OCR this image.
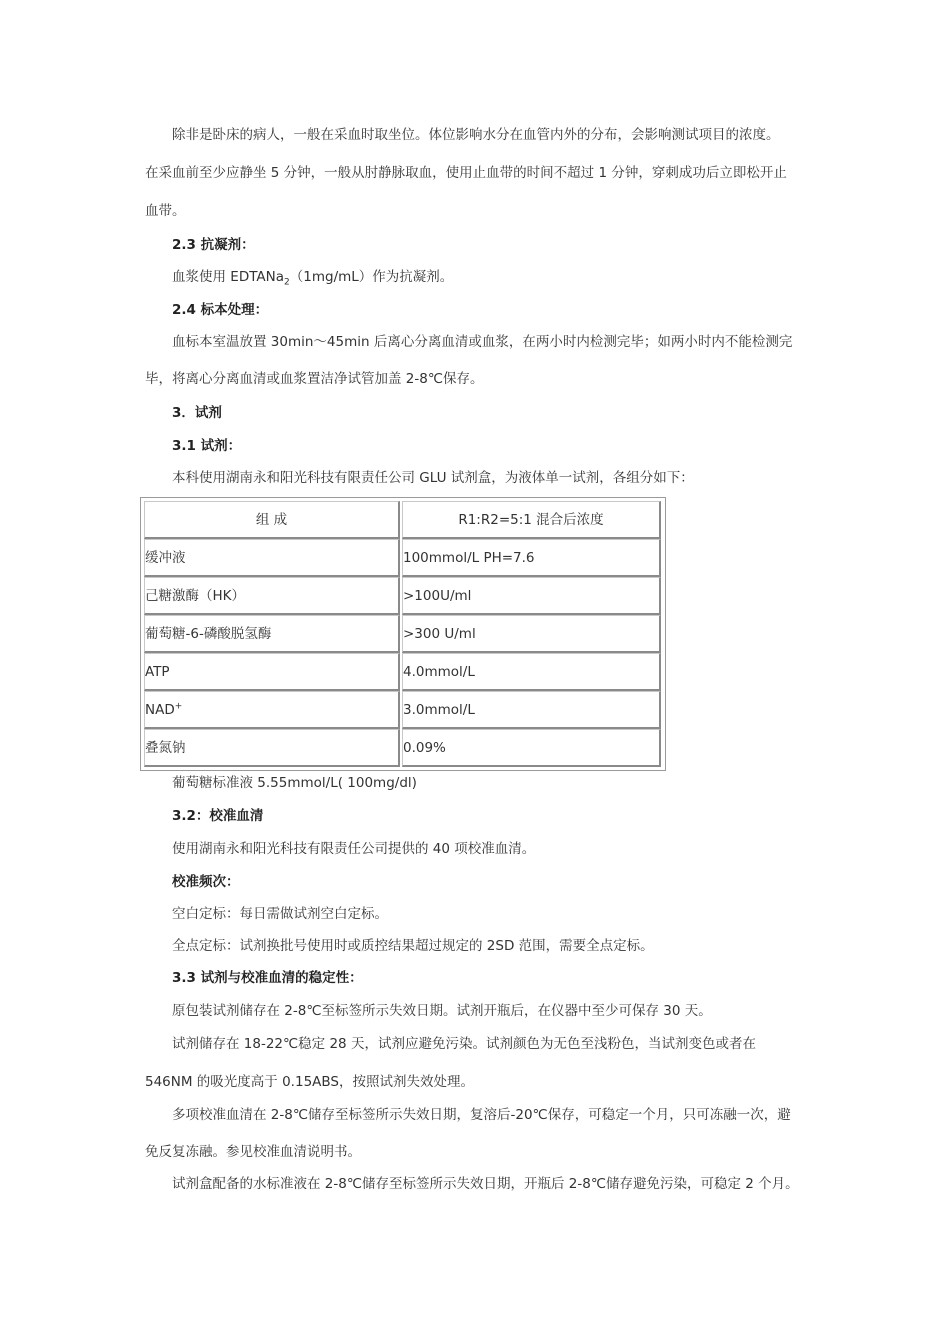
除非是卧床的病人，一般在采血时取坐位。体位影响水分在血管内外的分布，会影响测试项目的浓度。
在采血前至少应静坐 5 分钟，一般从肘静脉取血，使用止血带的时间不超过 1 分钟，穿刺成功后立即松开止
血带。
2.3 抗凝剂：
血浆使用 EDTANa$_2$（1mg/mL）作为抗凝剂。
2.4 标本处理：
血标本室温放置 30min～45min 后离心分离血清或血浆，在两小时内检测完毕；如两小时内不能检测完
毕，将离心分离血清或血浆置洁净试管加盖 2-8℃保存。
3．试剂
3.1 试剂：
本科使用湖南永和阳光科技有限责任公司 GLU 试剂盒，为液体单一试剂，各组分如下：
组 成	R1:R2=5:1 混合后浓度
缓冲液	100mmol/L PH=7.6
己糖激酶（HK）	>100U/ml
葡萄糖-6-磷酸脱氢酶	>300 U/ml
ATP	4.0mmol/L
NAD+	3.0mmol/L
叠氮钠	0.09%
葡萄糖标准液 5.55mmol/L( 100mg/dl)
3.2：校准血清
使用湖南永和阳光科技有限责任公司提供的 40 项校准血清。
校准频次：
空白定标：每日需做试剂空白定标。
全点定标：试剂换批号使用时或质控结果超过规定的 2SD 范围，需要全点定标。
3.3 试剂与校准血清的稳定性：
原包装试剂储存在 2-8℃至标签所示失效日期。试剂开瓶后，在仪器中至少可保存 30 天。
试剂储存在 18-22℃稳定 28 天，试剂应避免污染。试剂颜色为无色至浅粉色，当试剂变色或者在
546NM 的吸光度高于 0.15ABS，按照试剂失效处理。
多项校准血清在 2-8℃储存至标签所示失效日期，复溶后-20℃保存，可稳定一个月，只可冻融一次，避
免反复冻融。参见校准血清说明书。
试剂盒配备的水标准液在 2-8℃储存至标签所示失效日期，开瓶后 2-8℃储存避免污染，可稳定 2 个月。
